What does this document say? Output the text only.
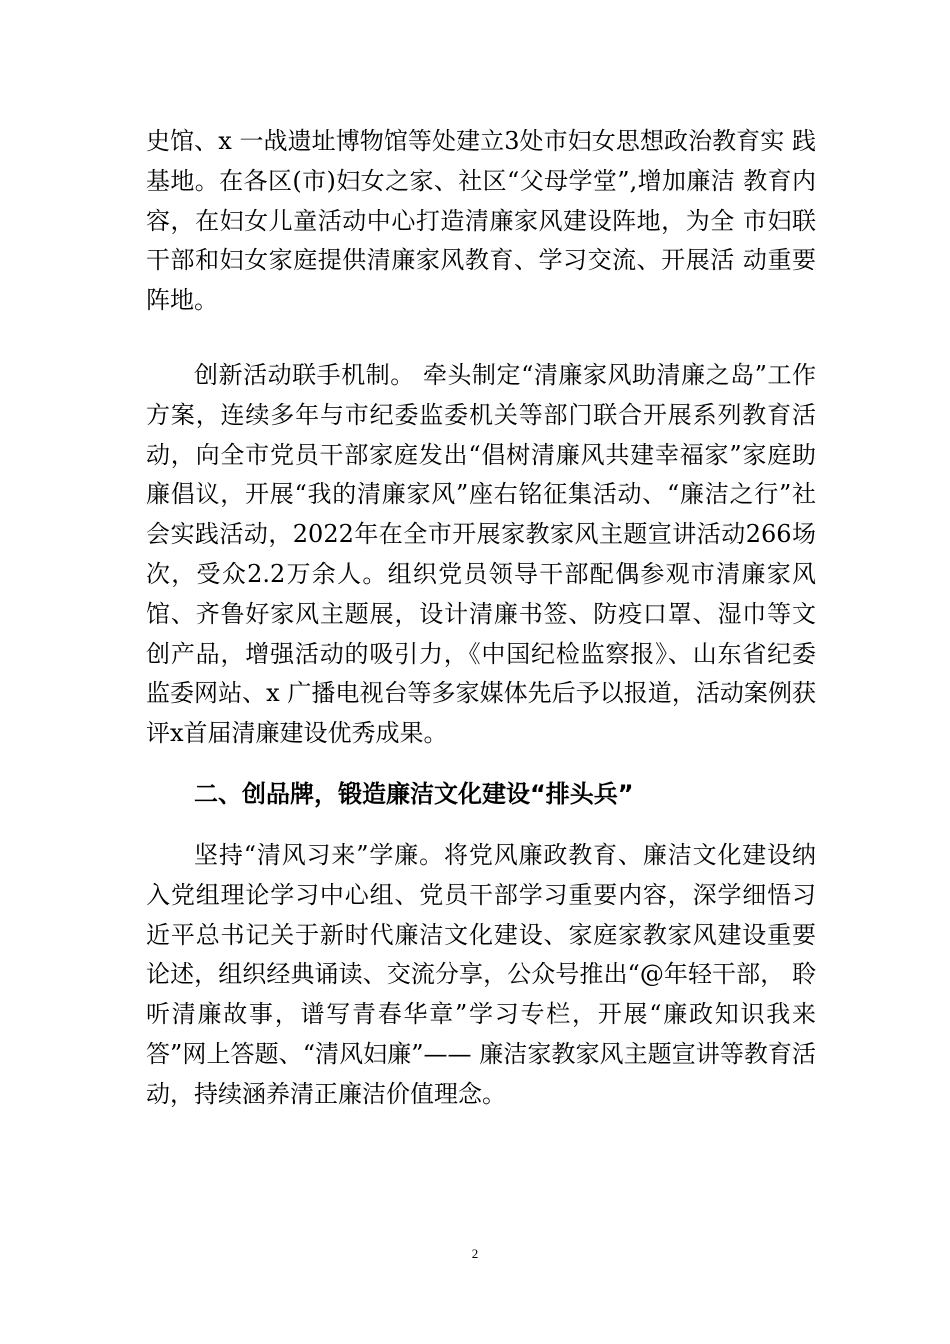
史馆、x 一战遗址博物馆等处建立3处市妇女思想政治教育实 践基地。在各区(市)妇女之家、社区“父母学堂”,增加廉洁 教育内容，在妇女儿童活动中心打造清廉家风建设阵地，为全 市妇联干部和妇女家庭提供清廉家风教育、学习交流、开展活 动重要阵地。

创新活动联手机制。 牵头制定“清廉家风助清廉之岛”工作方案，连续多年与市纪委监委机关等部门联合开展系列教育活动，向全市党员干部家庭发出“倡树清廉风共建幸福家”家庭助廉倡议，开展“我的清廉家风”座右铭征集活动、“廉洁之行”社会实践活动，2022年在全市开展家教家风主题宣讲活动266场次，受众2.2万余人。组织党员领导干部配偶参观市清廉家风馆、齐鲁好家风主题展，设计清廉书签、防疫口罩、湿巾等文创产品，增强活动的吸引力，《中国纪检监察报》、山东省纪委监委网站、x 广播电视台等多家媒体先后予以报道，活动案例获评x首届清廉建设优秀成果。

二、创品牌，锻造廉洁文化建设“排头兵”

坚持“清风习来”学廉。将党风廉政教育、廉洁文化建设纳入党组理论学习中心组、党员干部学习重要内容，深学细悟习近平总书记关于新时代廉洁文化建设、家庭家教家风建设重要论述，组织经典诵读、交流分享，公众号推出“@年轻干部， 聆听清廉故事，谱写青春华章”学习专栏，开展“廉政知识我来 答”网上答题、“清风妇廉”—— 廉洁家教家风主题宣讲等教育活 动，持续涵养清正廉洁价值理念。

2
